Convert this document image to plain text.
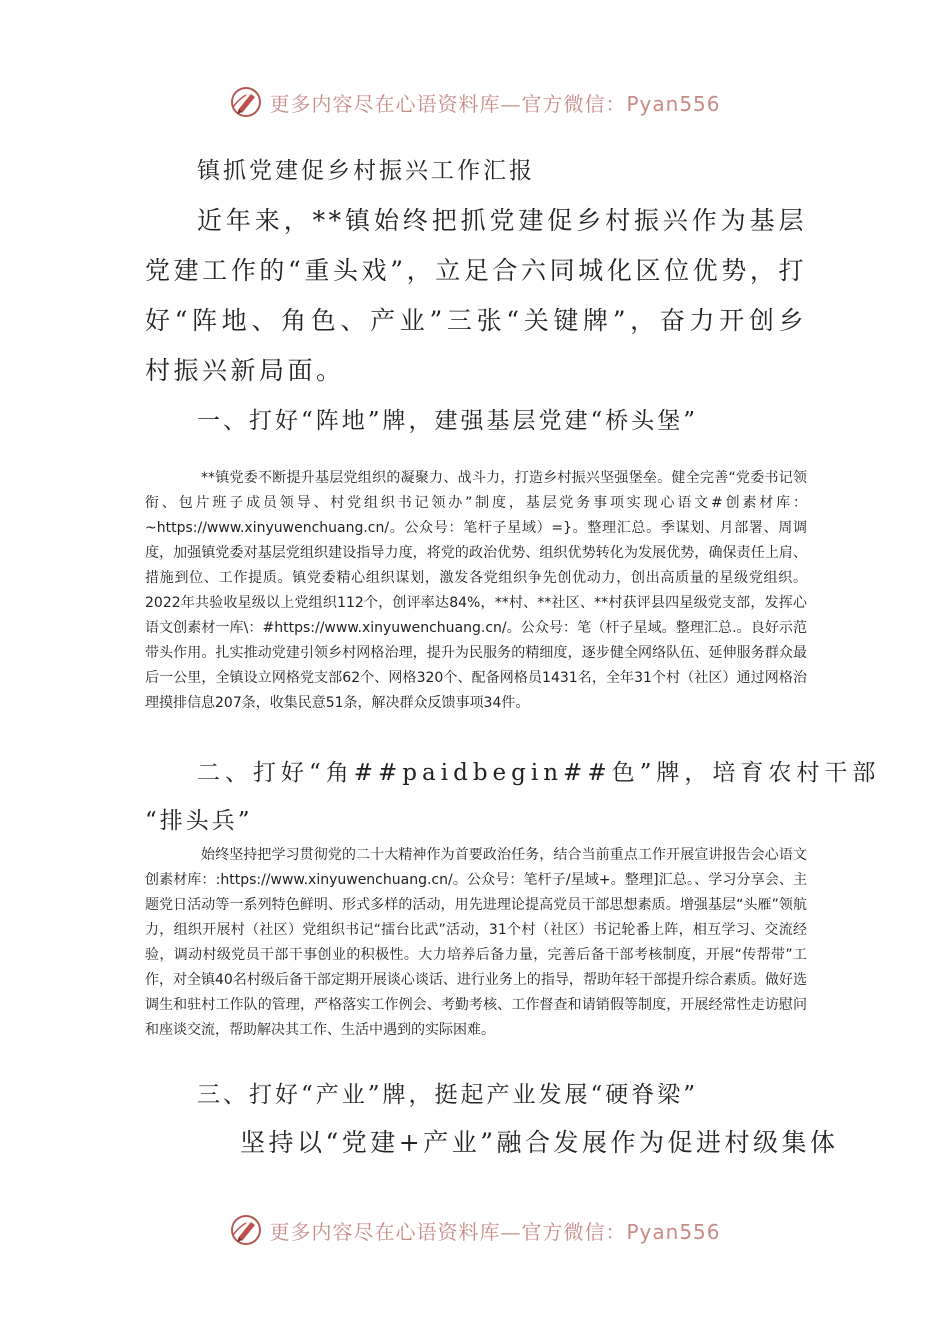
更多内容尽在心语资料库—官方微信：Pyan556
镇抓党建促乡村振兴工作汇报

近年来，**镇始终把抓党建促乡村振兴作为基层党建工作的“重头戏”，立足合六同城化区位优势，打好“阵地、角色、产业”三张“关键牌”，奋力开创乡村振兴新局面。

一、打好“阵地”牌，建强基层党建“桥头堡”

**镇党委不断提升基层党组织的凝聚力、战斗力，打造乡村振兴坚强堡垒。健全完善“党委书记领衔、包片班子成员领导、村党组织书记领办”制度，基层党务事项实现心语文#创素材库：~https://www.xinyuwenchuang.cn/。公众号：笔杆子星域）=}。整理汇总。季谋划、月部署、周调度，加强镇党委对基层党组织建设指导力度，将党的政治优势、组织优势转化为发展优势，确保责任上肩、措施到位、工作提质。镇党委精心组织谋划，激发各党组织争先创优动力，创出高质量的星级党组织。2022年共验收星级以上党组织112个，创评率达84%，**村、**社区、**村获评县四星级党支部，发挥心语文创素材一库\：#https://www.xinyuwenchuang.cn/。公众号：笔（杆子星域。整理汇总.。良好示范带头作用。扎实推动党建引领乡村网格治理，提升为民服务的精细度，逐步健全网络队伍、延伸服务群众最后一公里，全镇设立网格党支部62个、网格320个、配备网格员1431名，全年31个村（社区）通过网格治理摸排信息207条，收集民意51条，解决群众反馈事项34件。

二、打好“角##paidbegin##色”牌，培育农村干部
“排头兵”

始终坚持把学习贯彻党的二十大精神作为首要政治任务，结合当前重点工作开展宣讲报告会心语文创素材库：:https://www.xinyuwenchuang.cn/。公众号：笔杆子/星域+。整理]汇总。、学习分享会、主题党日活动等一系列特色鲜明、形式多样的活动，用先进理论提高党员干部思想素质。增强基层“头雁”领航力，组织开展村（社区）党组织书记“擂台比武”活动，31个村（社区）书记轮番上阵，相互学习、交流经验，调动村级党员干部干事创业的积极性。大力培养后备力量，完善后备干部考核制度，开展“传帮带”工作，对全镇40名村级后备干部定期开展谈心谈话、进行业务上的指导，帮助年轻干部提升综合素质。做好选调生和驻村工作队的管理，严格落实工作例会、考勤考核、工作督查和请销假等制度，开展经常性走访慰问和座谈交流，帮助解决其工作、生活中遇到的实际困难。

三、打好“产业”牌，挺起产业发展“硬脊梁”
坚持以“党建+产业”融合发展作为促进村级集体
更多内容尽在心语资料库—官方微信：Pyan556
